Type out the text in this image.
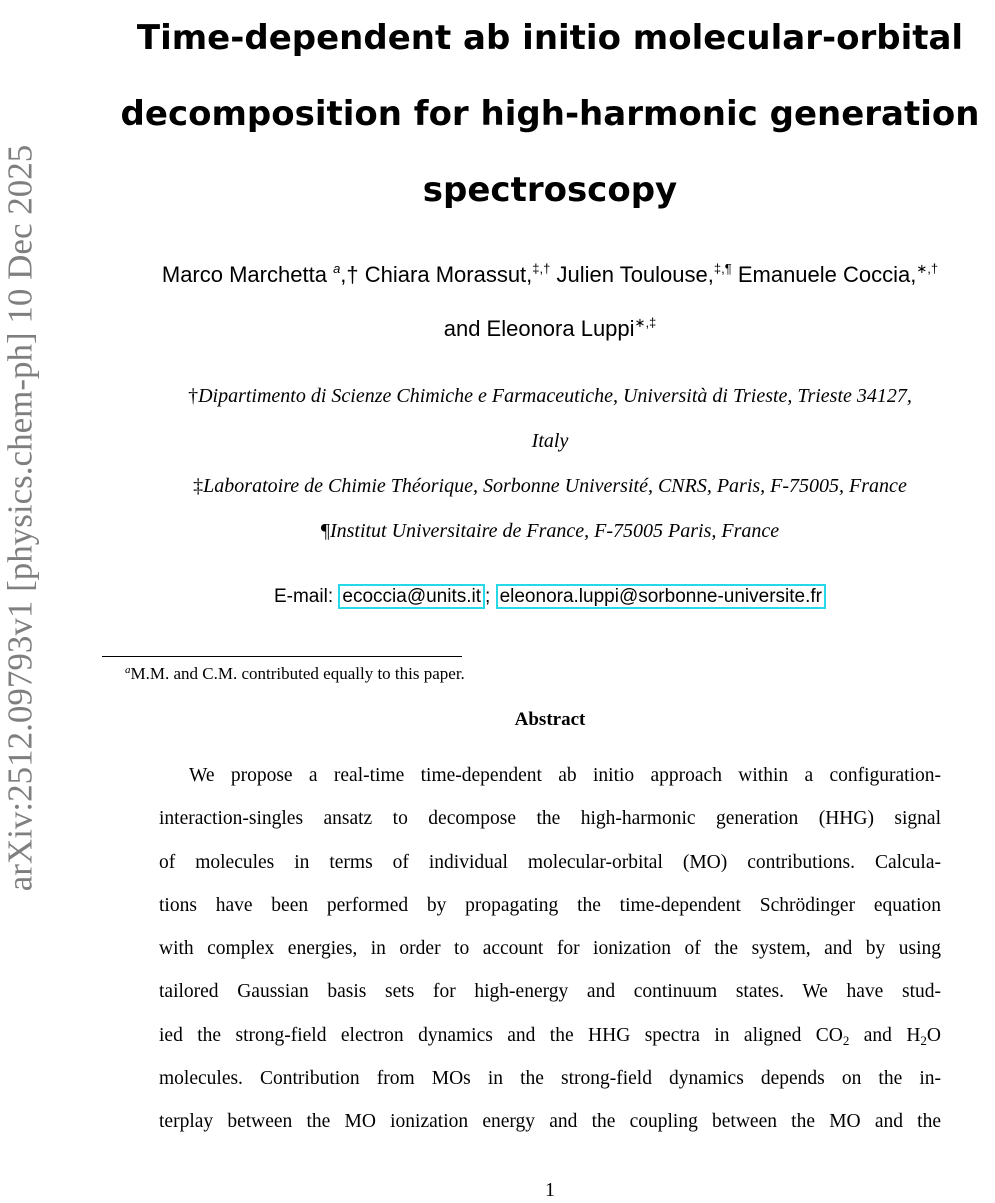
arXiv:2512.09793v1 [physics.chem-ph] 10 Dec 2025
Time-dependent ab initio molecular-orbital
decomposition for high-harmonic generation
spectroscopy
Marco Marchetta $^a$,† Chiara Morassut,‡,† Julien Toulouse,‡,¶ Emanuele Coccia,∗,†
and Eleonora Luppi∗,‡
†Dipartimento di Scienze Chimiche e Farmaceutiche, Università di Trieste, Trieste 34127,
Italy
‡Laboratoire de Chimie Théorique, Sorbonne Université, CNRS, Paris, F-75005, France
¶Institut Universitaire de France, F-75005 Paris, France
E-mail: ecoccia@units.it ; eleonora.luppi@sorbonne-universite.fr
$^a$M.M. and C.M. contributed equally to this paper.
Abstract
We propose a real-time time-dependent ab initio approach within a configuration-
interaction-singles ansatz to decompose the high-harmonic generation (HHG) signal
of molecules in terms of individual molecular-orbital (MO) contributions. Calcula-
tions have been performed by propagating the time-dependent Schrödinger equation
with complex energies, in order to account for ionization of the system, and by using
tailored Gaussian basis sets for high-energy and continuum states. We have stud-
ied the strong-field electron dynamics and the HHG spectra in aligned $CO_2$ and $H_2O$
molecules. Contribution from MOs in the strong-field dynamics depends on the in-
terplay between the MO ionization energy and the coupling between the MO and the
1
